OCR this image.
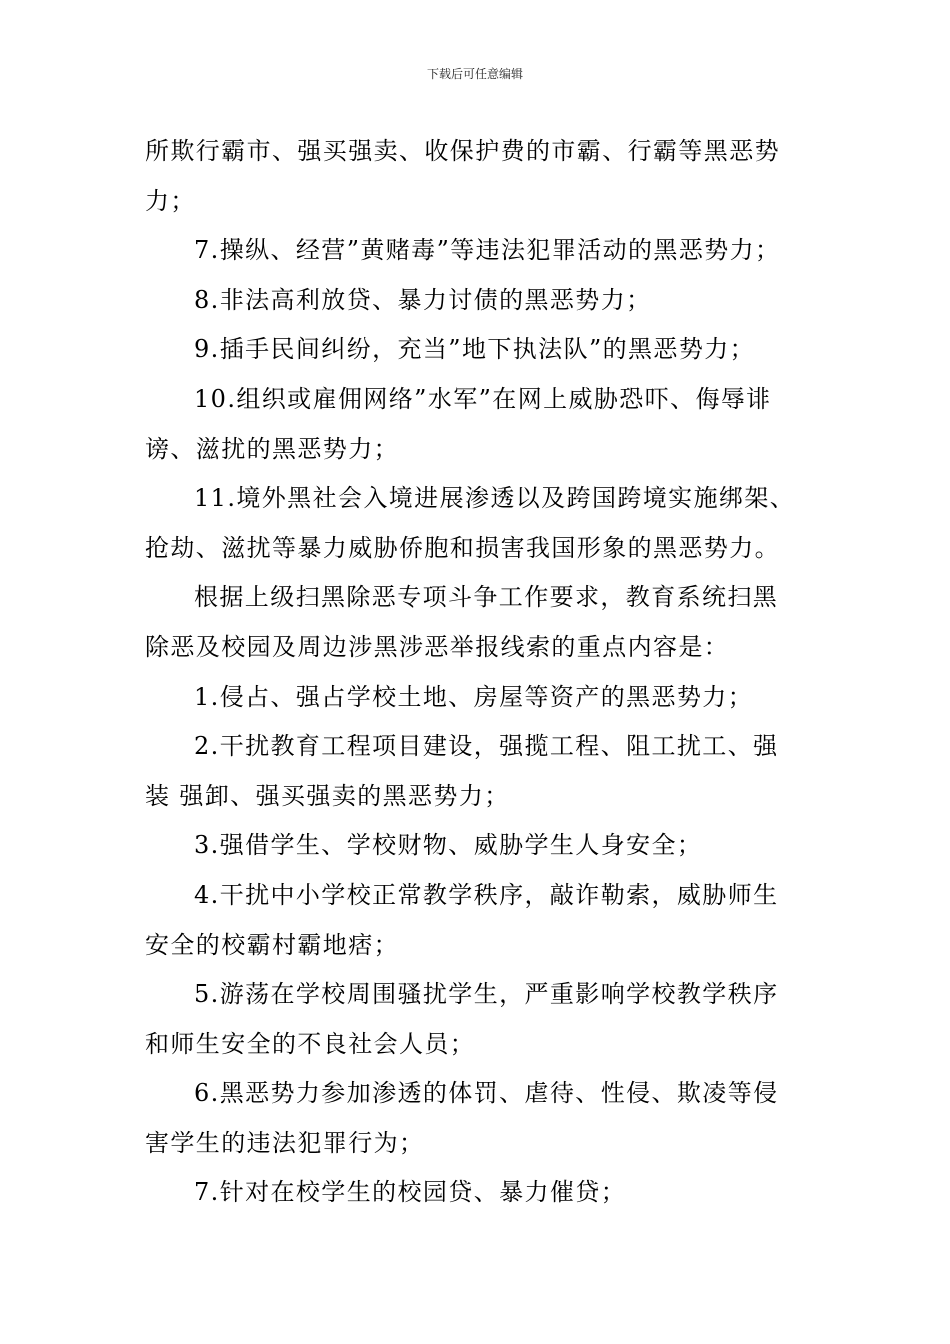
下载后可任意编辑

所欺行霸市、强买强卖、收保护费的市霸、行霸等黑恶势

力；

7.操纵、经营”黄赌毒”等违法犯罪活动的黑恶势力；

8.非法高利放贷、暴力讨债的黑恶势力；

9.插手民间纠纷，充当”地下执法队”的黑恶势力；

10.组织或雇佣网络”水军”在网上威胁恐吓、侮辱诽

谤、滋扰的黑恶势力；

11.境外黑社会入境进展渗透以及跨国跨境实施绑架、

抢劫、滋扰等暴力威胁侨胞和损害我国形象的黑恶势力。

根据上级扫黑除恶专项斗争工作要求，教育系统扫黑

除恶及校园及周边涉黑涉恶举报线索的重点内容是：

1.侵占、强占学校土地、房屋等资产的黑恶势力；

2.干扰教育工程项目建设，强揽工程、阻工扰工、强

装 强卸、强买强卖的黑恶势力；

3.强借学生、学校财物、威胁学生人身安全；

4.干扰中小学校正常教学秩序，敲诈勒索，威胁师生

安全的校霸村霸地痞；

5.游荡在学校周围骚扰学生，严重影响学校教学秩序

和师生安全的不良社会人员；

6.黑恶势力参加渗透的体罚、虐待、性侵、欺凌等侵

害学生的违法犯罪行为；

7.针对在校学生的校园贷、暴力催贷；
